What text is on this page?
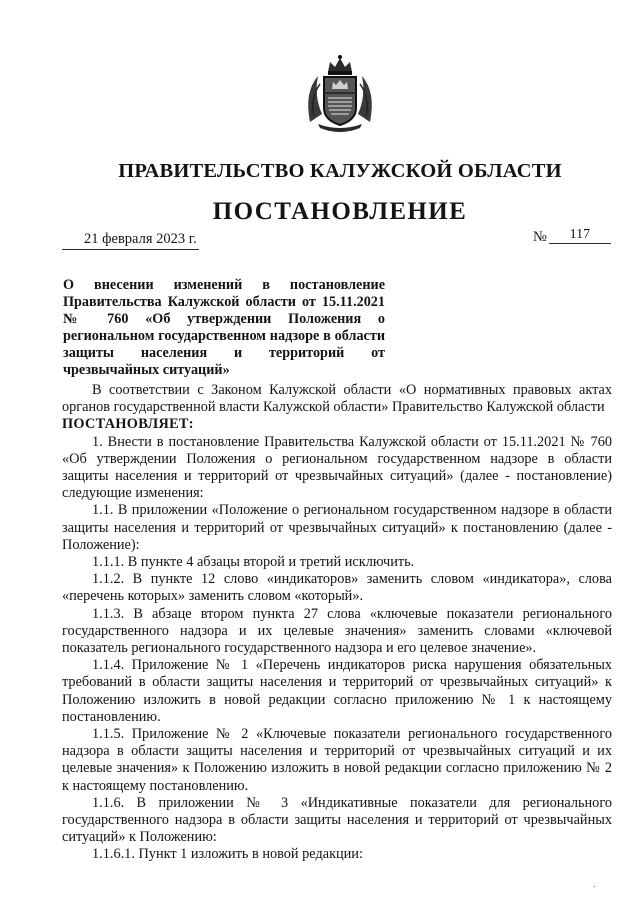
ПРАВИТЕЛЬСТВО КАЛУЖСКОЙ ОБЛАСТИ
ПОСТАНОВЛЕНИЕ
21 февраля 2023 г.	№ 117
О внесении изменений в постановление Правительства Калужской области от 15.11.2021 № 760 «Об утверждении Положения о региональном государственном надзоре в области защиты населения и территорий от чрезвычайных ситуаций»

В соответствии с Законом Калужской области «О нормативных правовых актах органов государственной власти Калужской области» Правительство Калужской области

ПОСТАНОВЛЯЕТ:

1. Внести в постановление Правительства Калужской области от 15.11.2021 № 760 «Об утверждении Положения о региональном государственном надзоре в области защиты населения и территорий от чрезвычайных ситуаций» (далее - постановление) следующие изменения:

1.1. В приложении «Положение о региональном государственном надзоре в области защиты населения и территорий от чрезвычайных ситуаций» к постановлению (далее - Положение):

1.1.1. В пункте 4 абзацы второй и третий исключить.

1.1.2. В пункте 12 слово «индикаторов» заменить словом «индикатора», слова «перечень которых» заменить словом «который».

1.1.3. В абзаце втором пункта 27 слова «ключевые показатели регионального государственного надзора и их целевые значения» заменить словами «ключевой показатель регионального государственного надзора и его целевое значение».

1.1.4. Приложение № 1 «Перечень индикаторов риска нарушения обязательных требований в области защиты населения и территорий от чрезвычайных ситуаций» к Положению изложить в новой редакции согласно приложению № 1 к настоящему постановлению.

1.1.5. Приложение № 2 «Ключевые показатели регионального государственного надзора в области защиты населения и территорий от чрезвычайных ситуаций и их целевые значения» к Положению изложить в новой редакции согласно приложению № 2 к настоящему постановлению.

1.1.6. В приложении № 3 «Индикативные показатели для регионального государственного надзора в области защиты населения и территорий от чрезвычайных ситуаций» к Положению:

1.1.6.1. Пункт 1 изложить в новой редакции:

·
